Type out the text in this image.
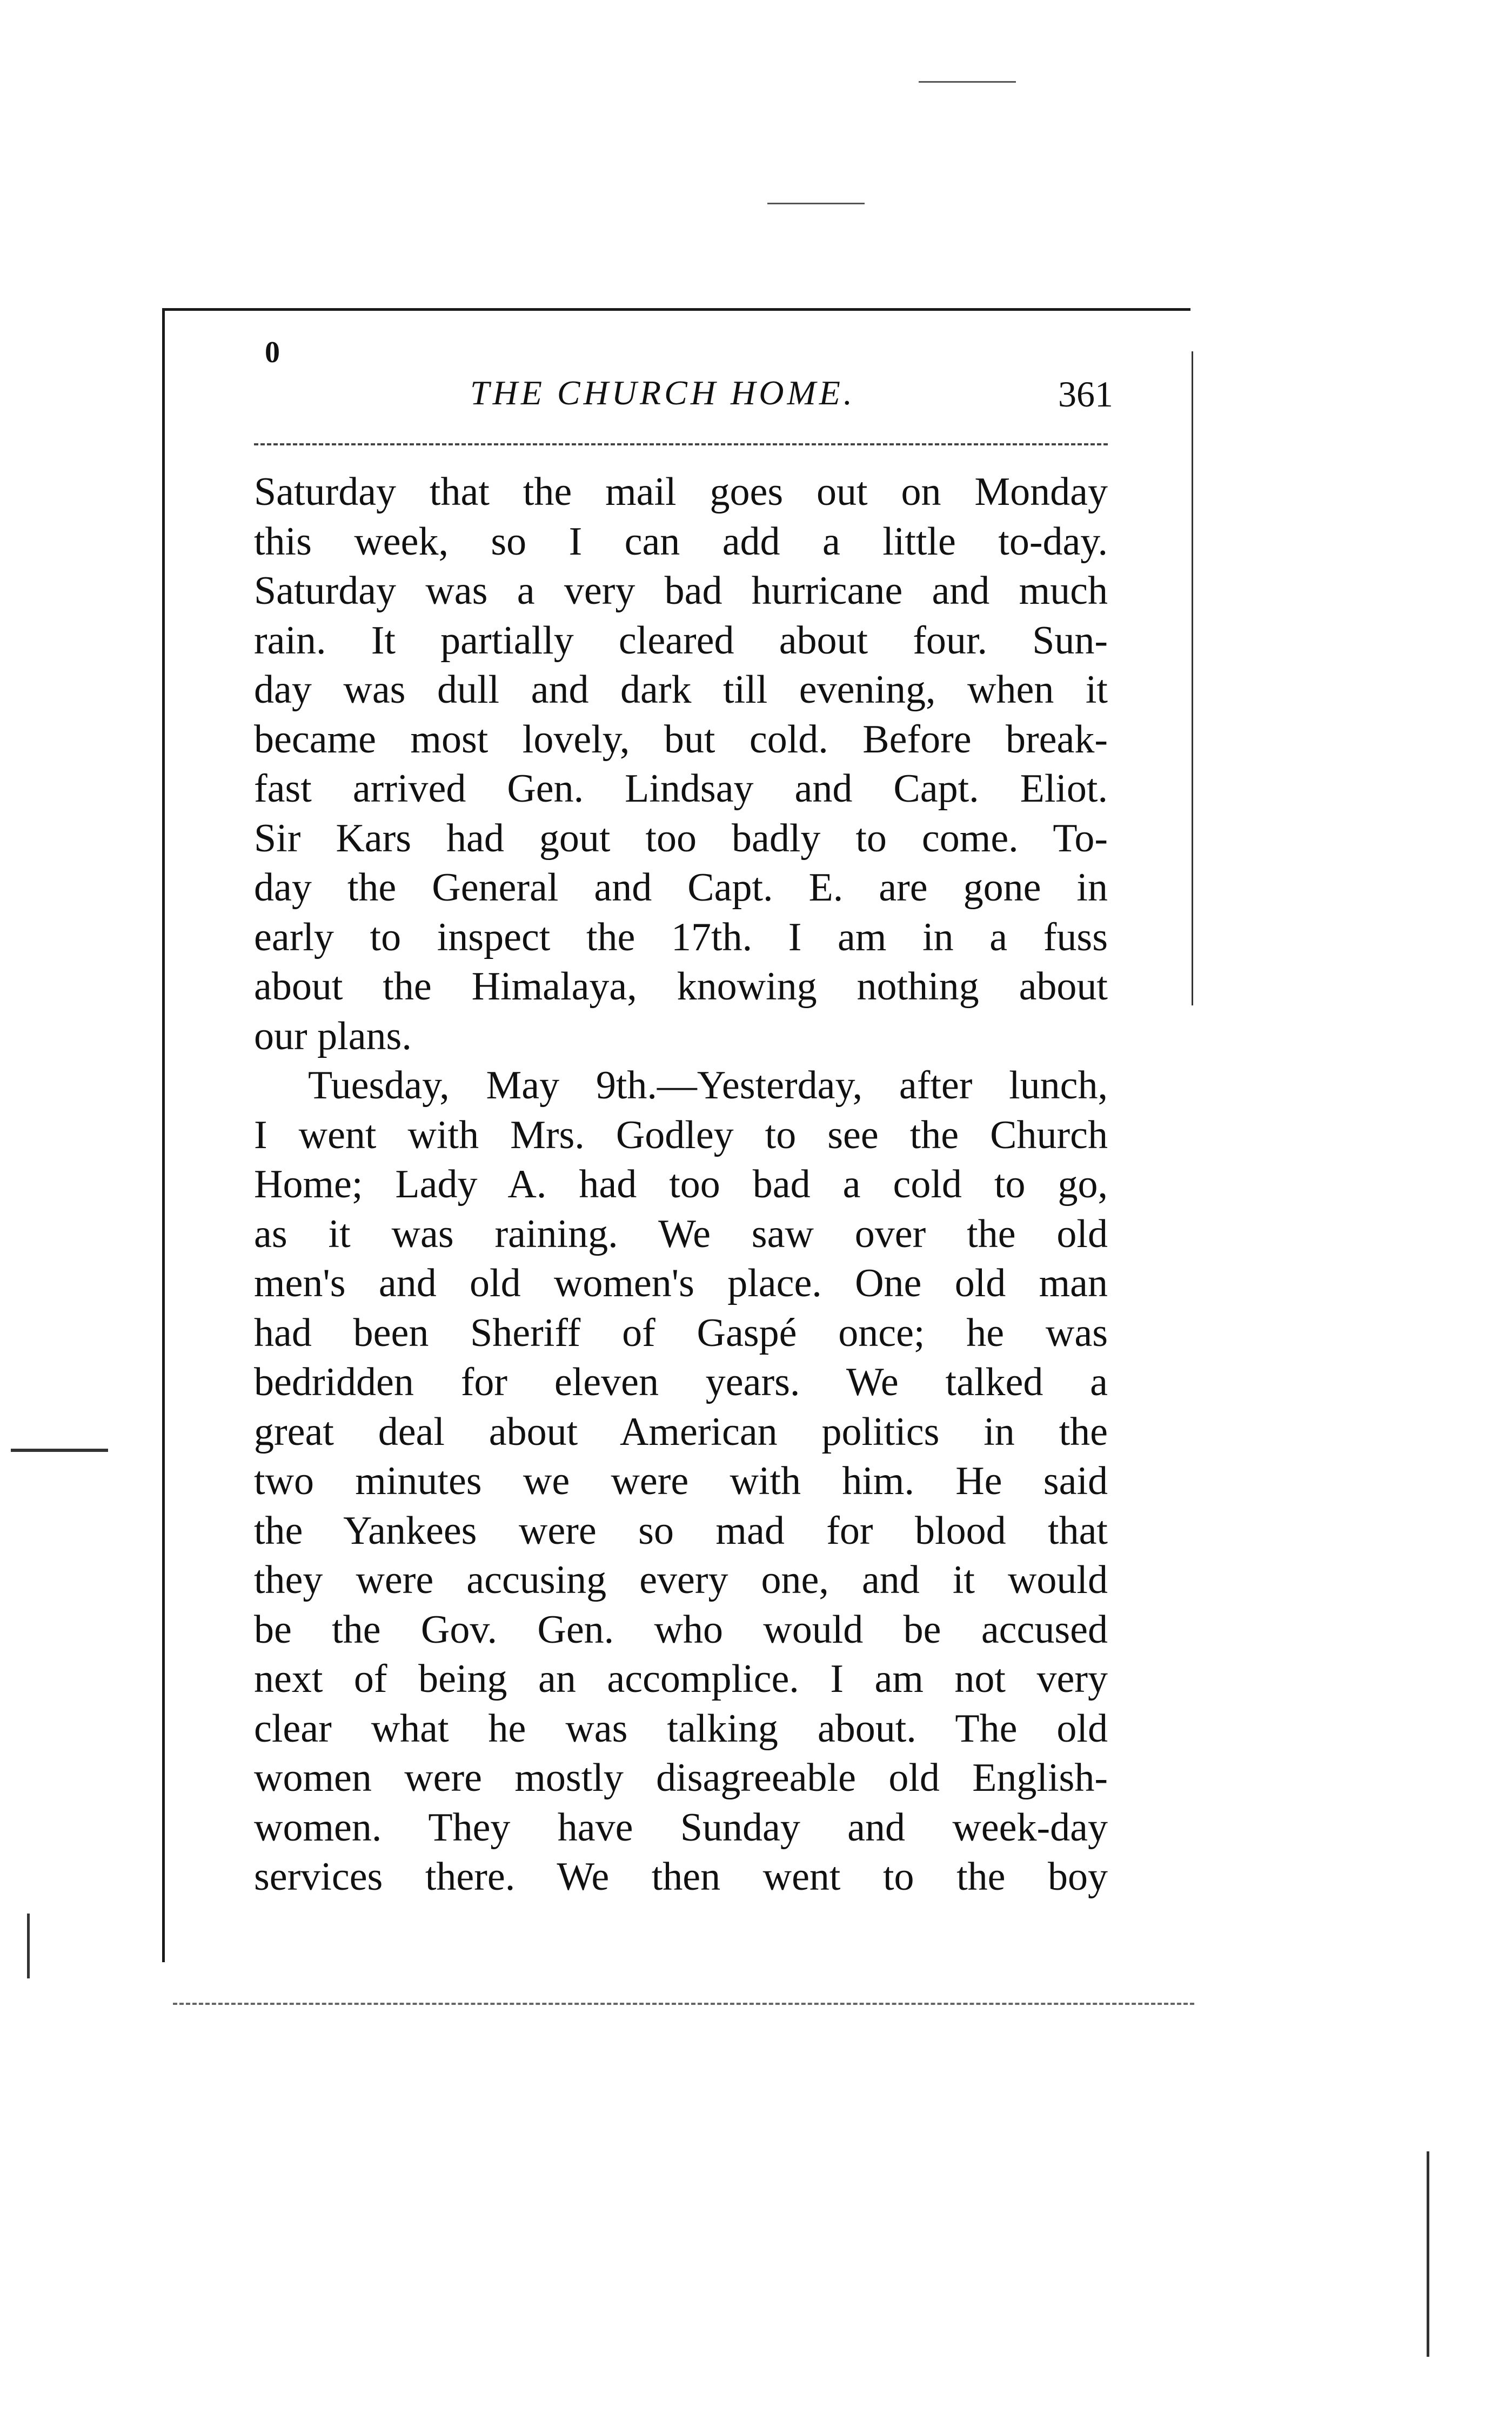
0
THE CHURCH HOME.	361
Saturday that the mail goes out on Monday
this week, so I can add a little to-day.
Saturday was a very bad hurricane and much
rain. It partially cleared about four. Sun-
day was dull and dark till evening, when it
became most lovely, but cold. Before break-
fast arrived Gen. Lindsay and Capt. Eliot.
Sir Kars had gout too badly to come. To-
day the General and Capt. E. are gone in
early to inspect the 17th. I am in a fuss
about the Himalaya, knowing nothing about
our plans.
Tuesday, May 9th.—Yesterday, after lunch,
I went with Mrs. Godley to see the Church
Home; Lady A. had too bad a cold to go,
as it was raining. We saw over the old
men's and old women's place. One old man
had been Sheriff of Gaspé once; he was
bedridden for eleven years. We talked a
great deal about American politics in the
two minutes we were with him. He said
the Yankees were so mad for blood that
they were accusing every one, and it would
be the Gov. Gen. who would be accused
next of being an accomplice. I am not very
clear what he was talking about. The old
women were mostly disagreeable old English-
women. They have Sunday and week-day
services there. We then went to the boy
